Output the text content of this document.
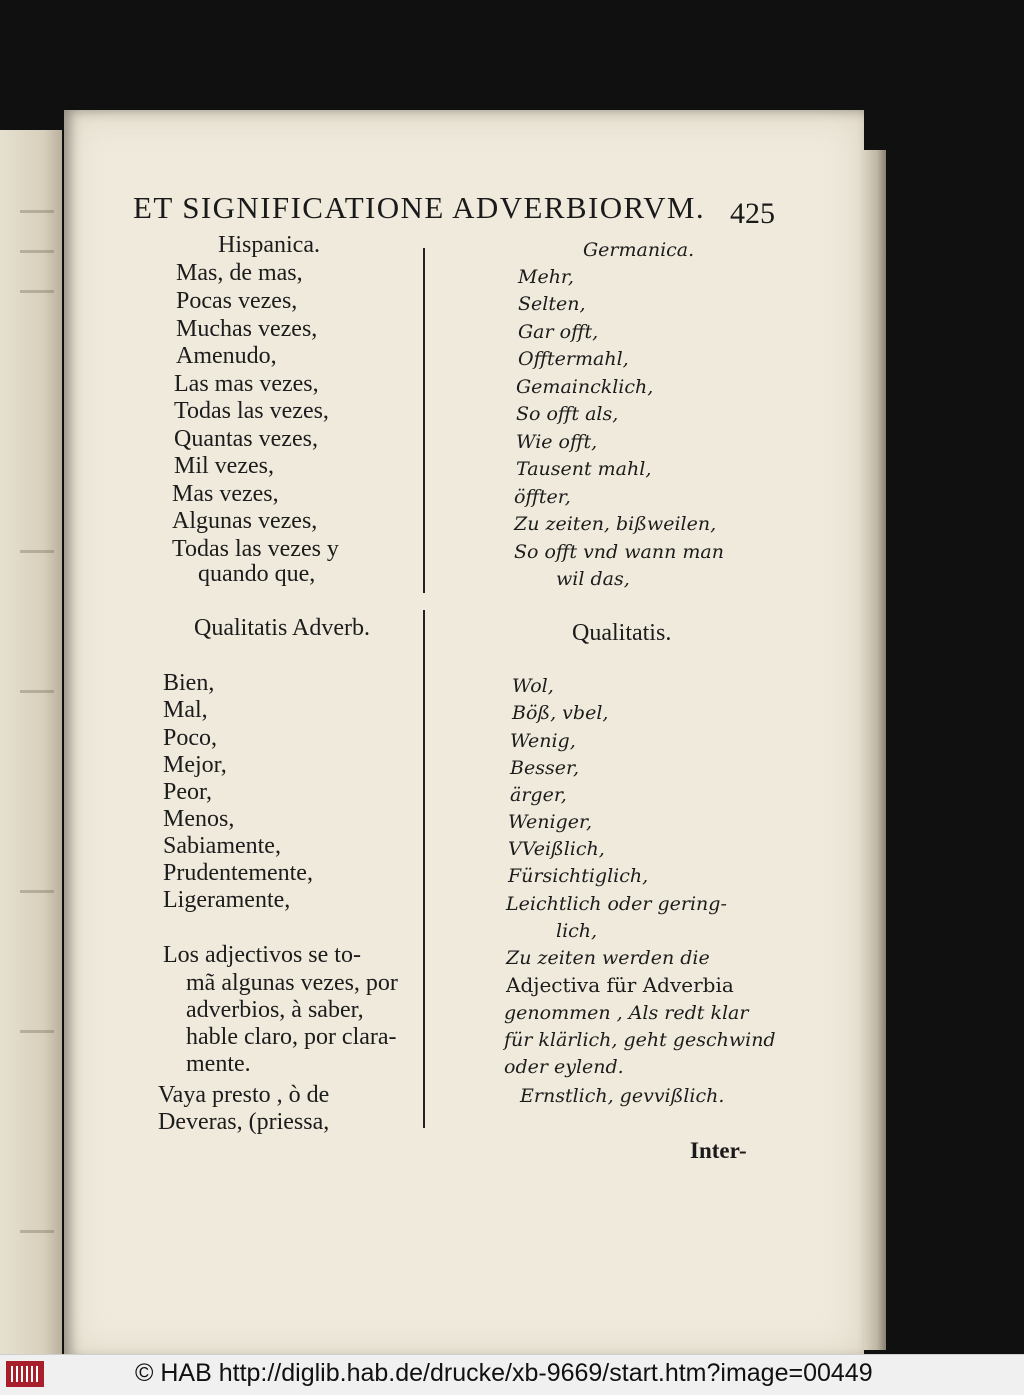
ET SIGNIFICATIONE ADVERBIORVM. 425
Hispanica.
Mas, de mas,
Pocas vezes,
Muchas vezes,
Amenudo,
Las mas vezes,
Todas las vezes,
Quantas vezes,
Mil vezes,
Mas vezes,
Algunas vezes,
Todas las vezes y
quando que,
Qualitatis Adverb.
Bien,
Mal,
Poco,
Mejor,
Peor,
Menos,
Sabiamente,
Prudentemente,
Ligeramente,
Los adjectivos se to-
mã algunas vezes, por
adverbios, à saber,
hable claro, por clara-
mente.
Vaya presto , ò de
Deveras, (priessa,
Germanica.
Mehr,
Selten,
Gar offt,
Offtermahl,
Gemaincklich,
So offt als,
Wie offt,
Tausent mahl,
öffter,
Zu zeiten, bißweilen,
So offt vnd wann man
wil das,
Qualitatis.
Wol,
Böß, vbel,
Wenig,
Besser,
ärger,
Weniger,
VVeißlich,
Fürsichtiglich,
Leichtlich oder gering-
lich,
Zu zeiten werden die
Adjectiva für Adverbia
genommen , Als redt klar
für klärlich, geht geschwind
oder eylend.
Ernstlich, gevvißlich.
Inter-
© HAB http://diglib.hab.de/drucke/xb-9669/start.htm?image=00449
